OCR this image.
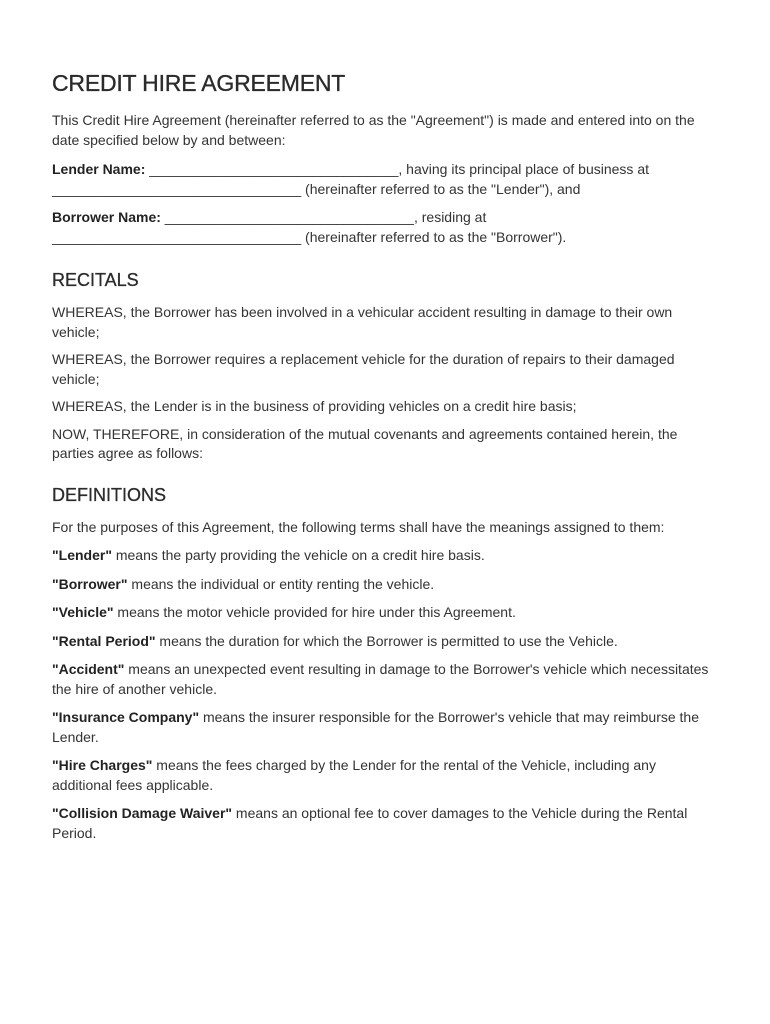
CREDIT HIRE AGREEMENT

This Credit Hire Agreement (hereinafter referred to as the "Agreement") is made and entered into on the date specified below by and between:

Lender Name: ________________________________, having its principal place of business at ________________________________ (hereinafter referred to as the "Lender"), and

Borrower Name: ________________________________, residing at ________________________________ (hereinafter referred to as the "Borrower").

RECITALS

WHEREAS, the Borrower has been involved in a vehicular accident resulting in damage to their own vehicle;

WHEREAS, the Borrower requires a replacement vehicle for the duration of repairs to their damaged vehicle;

WHEREAS, the Lender is in the business of providing vehicles on a credit hire basis;

NOW, THEREFORE, in consideration of the mutual covenants and agreements contained herein, the parties agree as follows:

DEFINITIONS

For the purposes of this Agreement, the following terms shall have the meanings assigned to them:

"Lender" means the party providing the vehicle on a credit hire basis.

"Borrower" means the individual or entity renting the vehicle.

"Vehicle" means the motor vehicle provided for hire under this Agreement.

"Rental Period" means the duration for which the Borrower is permitted to use the Vehicle.

"Accident" means an unexpected event resulting in damage to the Borrower's vehicle which necessitates the hire of another vehicle.

"Insurance Company" means the insurer responsible for the Borrower's vehicle that may reimburse the Lender.

"Hire Charges" means the fees charged by the Lender for the rental of the Vehicle, including any additional fees applicable.

"Collision Damage Waiver" means an optional fee to cover damages to the Vehicle during the Rental Period.
